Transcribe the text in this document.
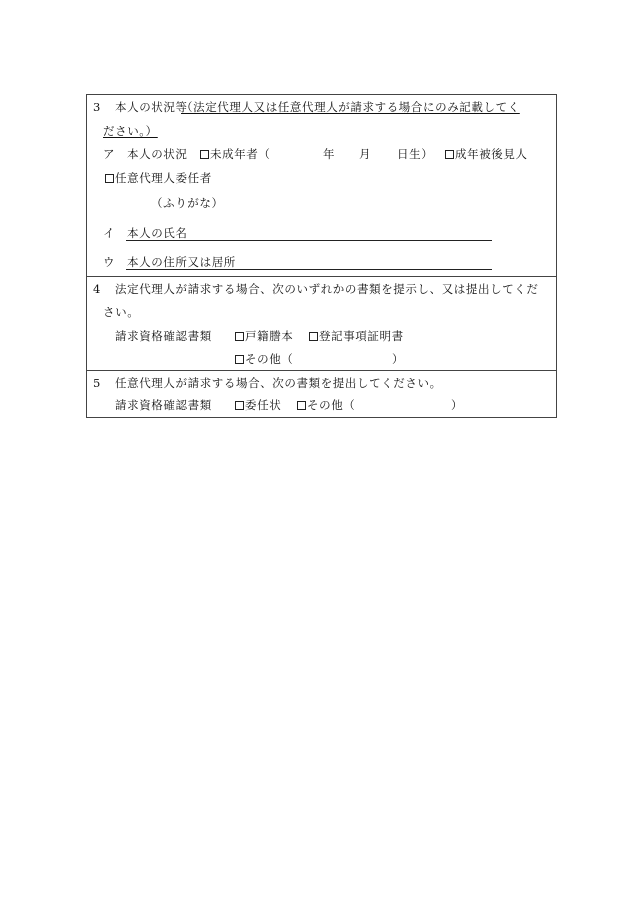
3 本人の状況等
（法定代理人又は任意代理人が請求する場合にのみ記載してく
ださい。）
ア 本人の状況	未成年者（	年 月 日生）	成年被後見人
任意代理人委任者
（ふりがな）
イ 本人の氏名
ウ 本人の住所又は居所
4 法定代理人が請求する場合、次のいずれかの書類を提示し、又は提出してくだ
さい。
請求資格確認書類	戸籍謄本	登記事項証明書
その他（	）
5 任意代理人が請求する場合、次の書類を提出してください。
請求資格確認書類	委任状	その他（	）
